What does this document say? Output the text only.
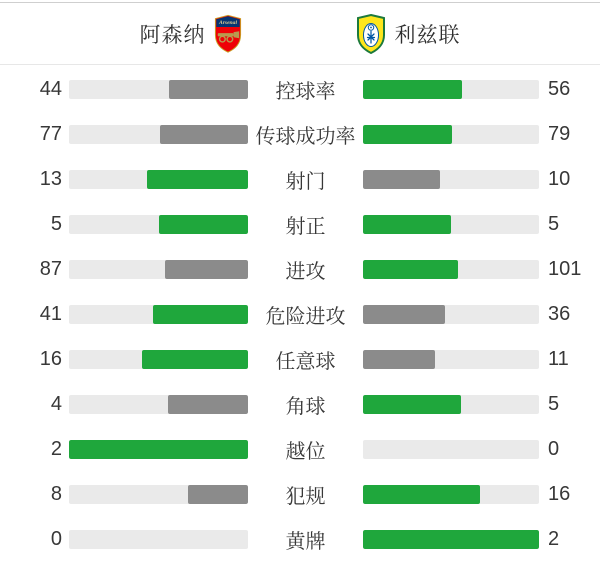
阿森纳
Arsenal
利兹联
44	控球率	56
77	传球成功率	79
13	射门	10
5	射正	5
87	进攻	101
41	危险进攻	36
16	任意球	11
4	角球	5
2	越位	0
8	犯规	16
0	黄牌	2
